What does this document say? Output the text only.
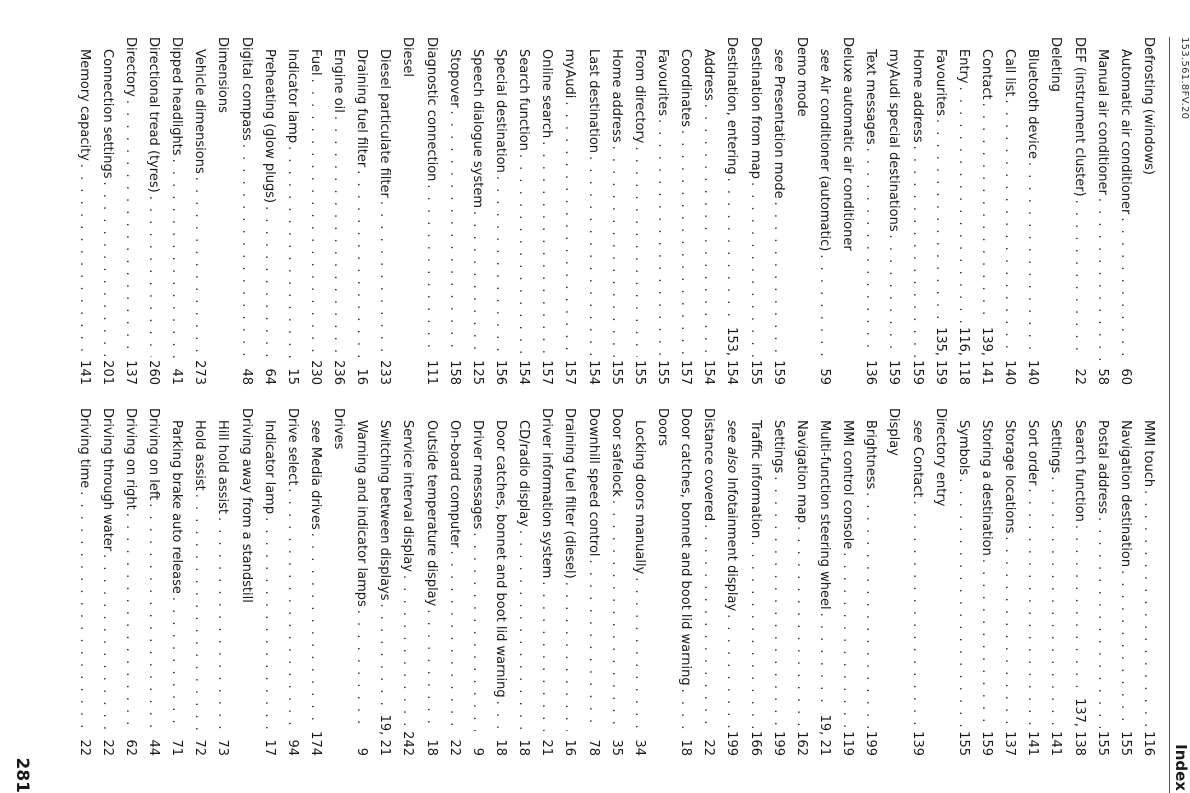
153.561.8FV.20
Index
Defrosting (windows)
Automatic air conditioner
. . .
60
Manual air conditioner
. . .
58
DEF (instrument cluster)
. . .
22
Deleting
Bluetooth device
. . .
140
Call list
. . .
140
Contact
. . .
139, 141
Entry
. . .
116, 118
Favourites
. . .
135, 159
Home address
. . .
159
myAudi special destinations
. . .
159
Text messages
. . .
136
Deluxe automatic air conditioner
see Air conditioner (automatic)
. . .
59
Demo mode
see Presentation mode
. . .
159
Destination from map
. . .
155
Destination, entering
. . .
153, 154
Address
. . .
154
Coordinates
. . .
157
Favourites
. . .
155
From directory
. . .
155
Home address
. . .
155
Last destination
. . .
154
myAudi
. . .
157
Online search
. . .
157
Search function
. . .
154
Special destination
. . .
156
Speech dialogue system
. . .
125
Stopover
. . .
158
Diagnostic connection
. . .
111
Diesel
Diesel particulate filter
. . .
233
Draining fuel filter
. . .
16
Engine oil
. . .
236
Fuel
. . .
230
Indicator lamp
. . .
15
Preheating (glow plugs)
. . .
64
Digital compass
. . .
48
Dimensions
Vehicle dimensions
. . .
273
Dipped headlights
. . .
41
Directional tread (tyres)
. . .
260
Directory
. . .
137
Connection settings
. . .
201
Memory capacity
. . .
141
MMI touch
. . .
116
Navigation destination
. . .
155
Postal address
. . .
155
Search function
. . .
137, 138
Settings
. . .
141
Sort order
. . .
141
Storage locations
. . .
137
Storing a destination
. . .
159
Symbols
. . .
155
Directory entry
see Contact
. . .
139
Display
Brightness
. . .
199
MMI control console
. . .
119
Multi-function steering wheel
. . .
19, 21
Navigation map
. . .
162
Settings
. . .
199
Traffic information
. . .
166
see also Infotainment display
. . .
199
Distance covered
. . .
22
Door catches, bonnet and boot lid warning
. . .
18
Doors
Locking doors manually
. . .
34
Door safelock
. . .
35
Downhill speed control
. . .
78
Draining fuel filter (diesel)
. . .
16
Driver information system
. . .
21
CD/radio display
. . .
18
Door catches, bonnet and boot lid warning
. . .
18
Driver messages
. . .
9
On-board computer
. . .
22
Outside temperature display
. . .
18
Service interval display
. . .
242
Switching between displays
. . .
19, 21
Warning and indicator lamps
. . .
9
Drives
see Media drives
. . .
174
Drive select
. . .
94
Indicator lamp
. . .
17
Driving away from a standstill
Hill hold assist
. . .
73
Hold assist
. . .
72
Parking brake auto release
. . .
71
Driving on left
. . .
44
Driving on right
. . .
62
Driving through water
. . .
22
Driving time
. . .
22
281
